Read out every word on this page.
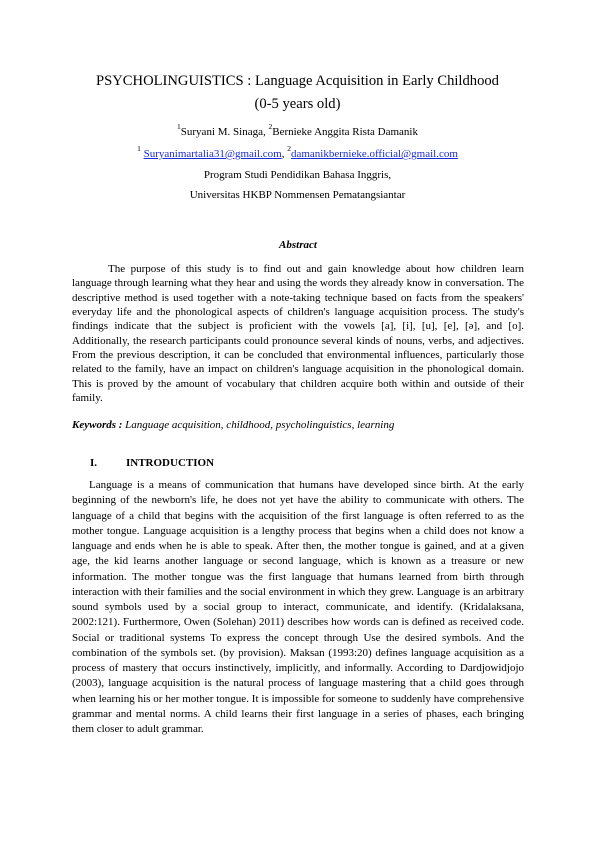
PSYCHOLINGUISTICS : Language Acquisition in Early Childhood

(0-5 years old)

$^1$Suryani M. Sinaga, $^2$Bernieke Anggita Rista Damanik

$^1$ Suryanimartalia31@gmail.com, $^2$damanikbernieke.official@gmail.com

Program Studi Pendidikan Bahasa Inggris,

Universitas HKBP Nommensen Pematangsiantar

Abstract

The purpose of this study is to find out and gain knowledge about how children learn language through learning what they hear and using the words they already know in conversation. The descriptive method is used together with a note-taking technique based on facts from the speakers' everyday life and the phonological aspects of children's language acquisition process. The study's findings indicate that the subject is proficient with the vowels [a], [i], [u], [e], [ə], and [o]. Additionally, the research participants could pronounce several kinds of nouns, verbs, and adjectives. From the previous description, it can be concluded that environmental influences, particularly those related to the family, have an impact on children's language acquisition in the phonological domain. This is proved by the amount of vocabulary that children acquire both within and outside of their family.

Keywords : Language acquisition, childhood, psycholinguistics, learning

I.	INTRODUCTION

Language is a means of communication that humans have developed since birth. At the early beginning of the newborn's life, he does not yet have the ability to communicate with others. The language of a child that begins with the acquisition of the first language is often referred to as the mother tongue. Language acquisition is a lengthy process that begins when a child does not know a language and ends when he is able to speak. After then, the mother tongue is gained, and at a given age, the kid learns another language or second language, which is known as a treasure or new information. The mother tongue was the first language that humans learned from birth through interaction with their families and the social environment in which they grew. Language is an arbitrary sound symbols used by a social group to interact, communicate, and identify. (Kridalaksana, 2002:121). Furthermore, Owen (Solehan) 2011) describes how words can is defined as received code. Social or traditional systems To express the concept through Use the desired symbols. And the combination of the symbols set. (by provision). Maksan (1993:20) defines language acquisition as a process of mastery that occurs instinctively, implicitly, and informally. According to Dardjowidjojo (2003), language acquisition is the natural process of language mastering that a child goes through when learning his or her mother tongue. It is impossible for someone to suddenly have comprehensive grammar and mental norms. A child learns their first language in a series of phases, each bringing them closer to adult grammar.
